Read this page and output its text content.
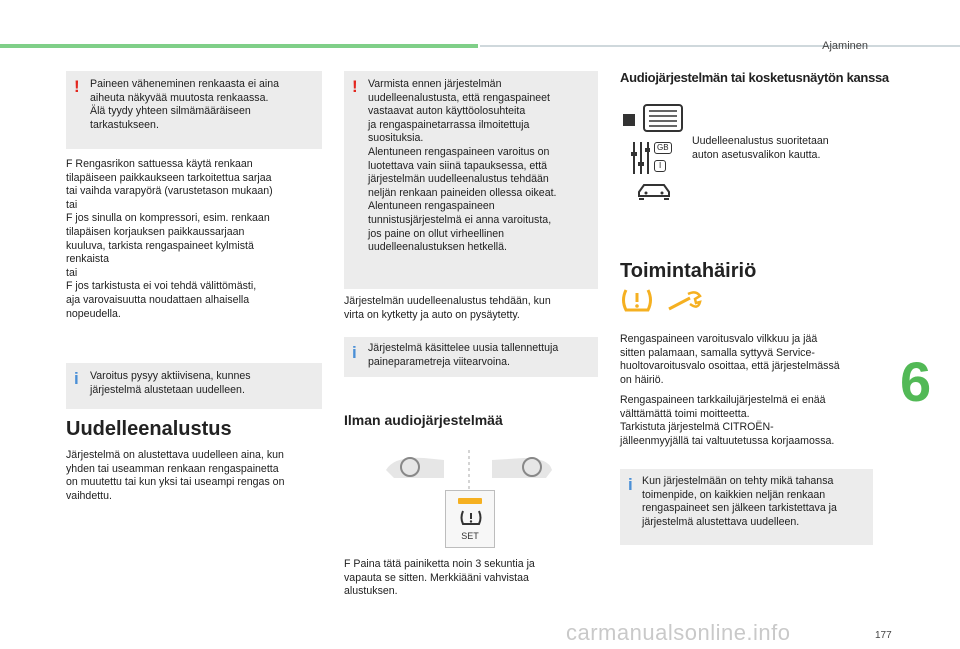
Ajaminen
6
! Paineen väheneminen renkaasta ei aina
aiheuta näkyvää muutosta renkaassa.
Älä tyydy yhteen silmämääräiseen
tarkastukseen.
F Rengasrikon sattuessa käytä renkaan
tilapäiseen paikkaukseen tarkoitettua sarjaa
tai vaihda varapyörä (varustetason mukaan)
tai
F jos sinulla on kompressori, esim. renkaan
tilapäisen korjauksen paikkaussarjaan
kuuluva, tarkista rengaspaineet kylmistä
renkaista
tai
F jos tarkistusta ei voi tehdä välittömästi,
aja varovaisuutta noudattaen alhaisella
nopeudella.
i Varoitus pysyy aktiivisena, kunnes
järjestelmä alustetaan uudelleen.
Uudelleenalustus
Järjestelmä on alustettava uudelleen aina, kun
yhden tai useamman renkaan rengaspainetta
on muutettu tai kun yksi tai useampi rengas on
vaihdettu.
! Varmista ennen järjestelmän
uudelleenalustusta, että rengaspaineet
vastaavat auton käyttöolosuhteita
ja rengaspainetarrassa ilmoitettuja
suosituksia.
Alentuneen rengaspaineen varoitus on
luotettava vain siinä tapauksessa, että
järjestelmän uudelleenalustus tehdään
neljän renkaan paineiden ollessa oikeat.
Alentuneen rengaspaineen
tunnistusjärjestelmä ei anna varoitusta,
jos paine on ollut virheellinen
uudelleenalustuksen hetkellä.
Järjestelmän uudelleenalustus tehdään, kun
virta on kytketty ja auto on pysäytetty.
i Järjestelmä käsittelee uusia tallennettuja
paineparametreja viitearvoina.
Ilman audiojärjestelmää
SET
F Paina tätä painiketta noin 3 sekuntia ja
vapauta se sitten. Merkkiääni vahvistaa
alustuksen.
Audiojärjestelmän tai kosketusnäytön kanssa
GB
I
Uudelleenalustus suoritetaan
auton asetusvalikon kautta.
Toimintahäiriö
Rengaspaineen varoitusvalo vilkkuu ja jää
sitten palamaan, samalla syttyvä Service-
huoltovaroitusvalo osoittaa, että järjestelmässä
on häiriö.
Rengaspaineen tarkkailujärjestelmä ei enää
välttämättä toimi moitteetta.
Tarkistuta järjestelmä CITROËN-
jälleenmyyjällä tai valtuutetussa korjaamossa.
i Kun järjestelmään on tehty mikä tahansa
toimenpide, on kaikkien neljän renkaan
rengaspaineet sen jälkeen tarkistettava ja
järjestelmä alustettava uudelleen.
carmanualsonline.info	177
